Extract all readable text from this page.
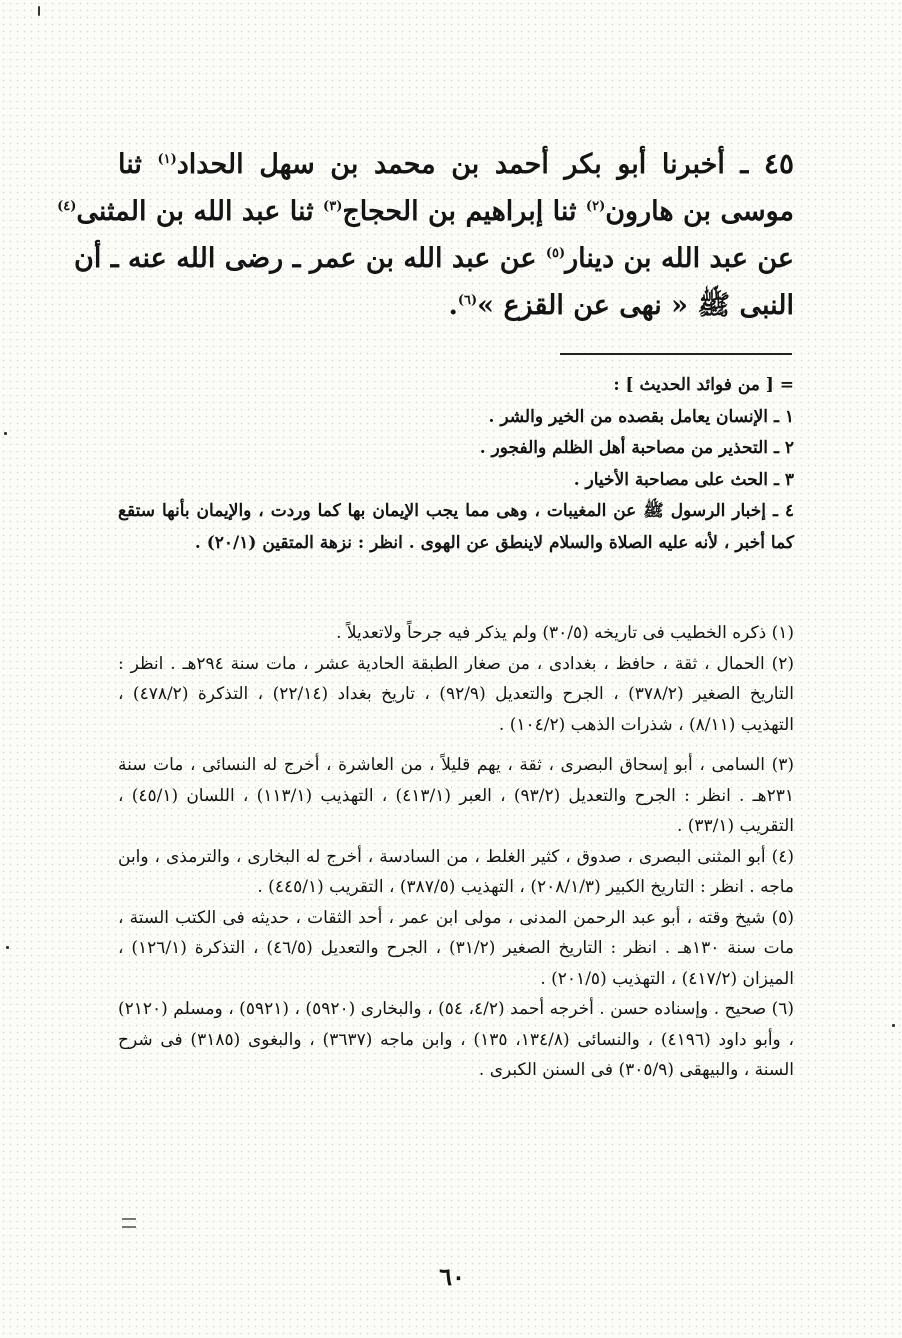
٤٥ ـ أخبرنا أبو بكر أحمد بن محمد بن سهل الحداد$^{(١)}$ ثنا
موسى بن هارون$^{(٢)}$ ثنا إبراهيم بن الحجاج$^{(٣)}$ ثنا عبد الله بن المثنى$^{(٤)}$
عن عبد الله بن دينار$^{(٥)}$ عن عبد الله بن عمر ـ رضى الله عنه ـ أن
النبى ﷺ « نهى عن القزع »$^{(٦)}$.
= [ من فوائد الحديث ] :
١ ـ الإنسان يعامل بقصده من الخير والشر .
٢ ـ التحذير من مصاحبة أهل الظلم والفجور .
٣ ـ الحث على مصاحبة الأخيار .
٤ ـ إخبار الرسول ﷺ عن المغيبات ، وهى مما يجب الإيمان بها كما وردت ، والإيمان بأنها ستقع كما أخبر ، لأنه عليه الصلاة والسلام لاينطق عن الهوى . انظر : نزهة المتقين (٢٠/١) .
(١) ذكره الخطيب فى تاريخه (٣٠/٥) ولم يذكر فيه جرحاً ولاتعديلاً .
(٢) الحمال ، ثقة ، حافظ ، بغدادى ، من صغار الطبقة الحادية عشر ، مات سنة ٢٩٤هـ . انظر : التاريخ الصغير (٣٧٨/٢) ، الجرح والتعديل (٩٢/٩) ، تاريخ بغداد (٢٢/١٤) ، التذكرة (٤٧٨/٢) ، التهذيب (٨/١١) ، شذرات الذهب (١٠٤/٢) .
(٣) السامى ، أبو إسحاق البصرى ، ثقة ، يهم قليلاً ، من العاشرة ، أخرج له النسائى ، مات سنة ٢٣١هـ . انظر : الجرح والتعديل (٩٣/٢) ، العبر (٤١٣/١) ، التهذيب (١١٣/١) ، اللسان (٤٥/١) ، التقريب (٣٣/١) .
(٤) أبو المثنى البصرى ، صدوق ، كثير الغلط ، من السادسة ، أخرج له البخارى ، والترمذى ، وابن ماجه . انظر : التاريخ الكبير (٢٠٨/١/٣) ، التهذيب (٣٨٧/٥) ، التقريب (٤٤٥/١) .
(٥) شيخ وقته ، أبو عبد الرحمن المدنى ، مولى ابن عمر ، أحد الثقات ، حديثه فى الكتب الستة ، مات سنة ١٣٠هـ . انظر : التاريخ الصغير (٣١/٢) ، الجرح والتعديل (٤٦/٥) ، التذكرة (١٢٦/١) ، الميزان (٤١٧/٢) ، التهذيب (٢٠١/٥) .
(٦) صحيح . وإسناده حسن . أخرجه أحمد (٤/٢، ٥٤) ، والبخارى (٥٩٢٠) ، (٥٩٢١) ، ومسلم (٢١٢٠) ، وأبو داود (٤١٩٦) ، والنسائى (١٣٤/٨، ١٣٥) ، وابن ماجه (٣٦٣٧) ، والبغوى (٣١٨٥) فى شرح السنة ، والبيهقى (٣٠٥/٩) فى السنن الكبرى .
٦٠
